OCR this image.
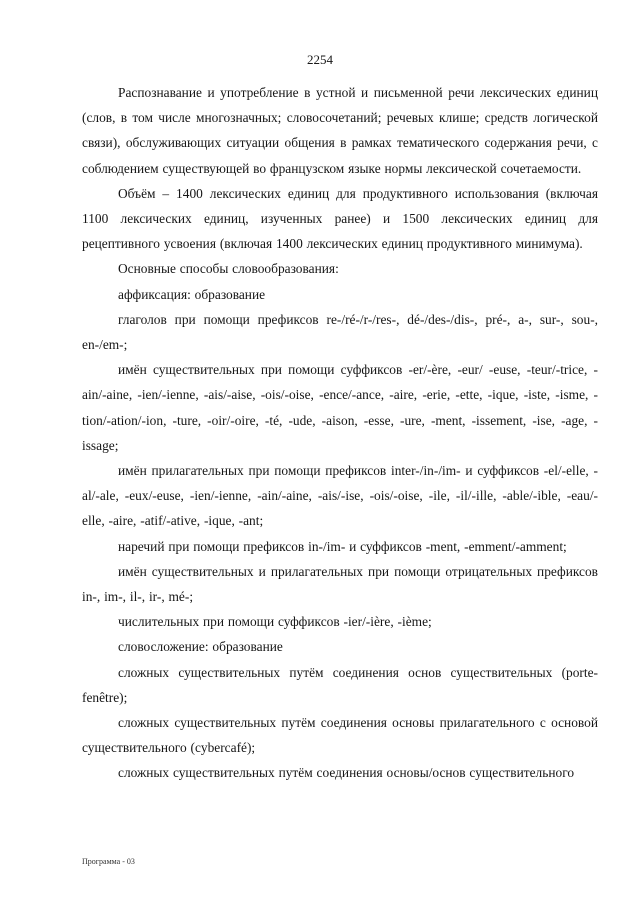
2254

Распознавание и употребление в устной и письменной речи лексических единиц (слов, в том числе многозначных; словосочетаний; речевых клише; средств логической связи), обслуживающих ситуации общения в рамках тематического содержания речи, с соблюдением существующей во французском языке нормы лексической сочетаемости.

Объём – 1400 лексических единиц для продуктивного использования (включая 1100 лексических единиц, изученных ранее) и 1500 лексических единиц для рецептивного усвоения (включая 1400 лексических единиц продуктивного минимума).

Основные способы словообразования:

аффиксация: образование

глаголов при помощи префиксов re-/ré-/r-/res-, dé-/des-/dis-, pré-, a-, sur-, sou-, en-/em-;

имён существительных при помощи суффиксов -er/-ère, -eur/ -euse, -teur/-trice, -ain/-aine, -ien/-ienne, -ais/-aise, -ois/-oise, -ence/-ance, -aire, -erie, -ette, -ique, -iste, -isme, -tion/-ation/-ion, -ture, -oir/-oire, -té, -ude, -aison, -esse, -ure, -ment, -issement, -ise, -age, -issage;

имён прилагательных при помощи префиксов inter-/in-/im- и суффиксов -el/-elle, -al/-ale, -eux/-euse, -ien/-ienne, -ain/-aine, -ais/-ise, -ois/-oise, -ile, -il/-ille, -able/-ible, -eau/-elle, -aire, -atif/-ative, -ique, -ant;

наречий при помощи префиксов in-/im- и суффиксов -ment, -emment/-amment;

имён существительных и прилагательных при помощи отрицательных префиксов in-, im-, il-, ir-, mé-;

числительных при помощи суффиксов -ier/-ière, -ième;

словосложение: образование

сложных существительных путём соединения основ существительных (porte-fenêtre);

сложных существительных путём соединения основы прилагательного с основой существительного (cybercafé);

сложных существительных путём соединения основы/основ существительного

Программа - 03
